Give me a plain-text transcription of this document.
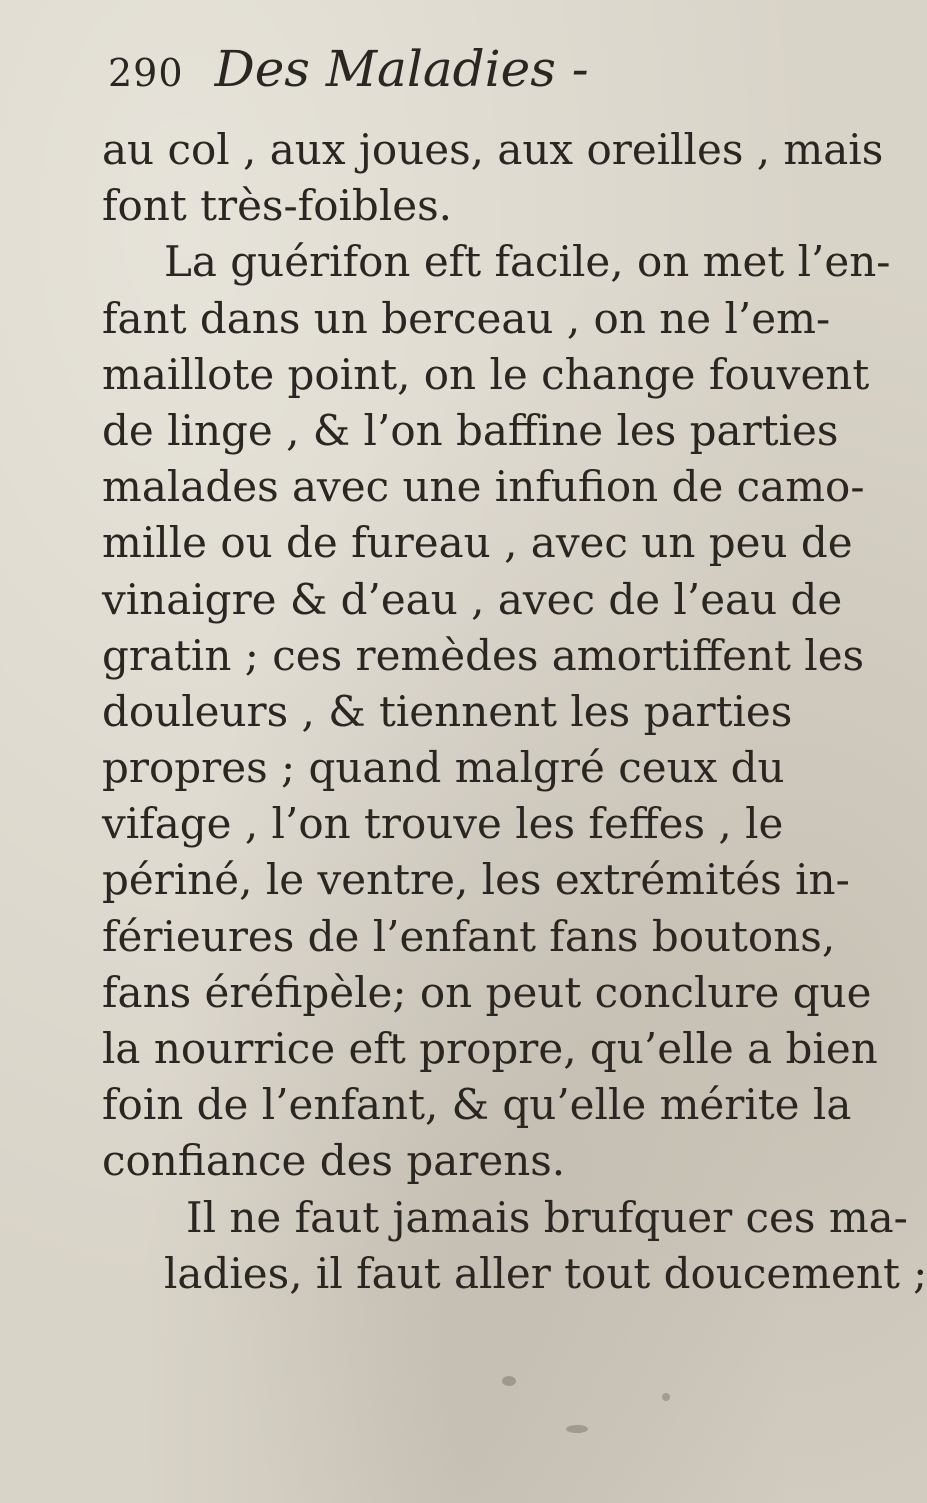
290 Des Maladies -
au col , aux joues, aux oreilles , mais
font très-foibles.
La guérifon eft facile, on met l’en-
fant dans un berceau , on ne l’em-
maillote point, on le change fouvent
de linge , & l’on baffine les parties
malades avec une infufion de camo-
mille ou de fureau , avec un peu de
vinaigre & d’eau , avec de l’eau de
gratin ; ces remèdes amortiffent les
douleurs , & tiennent les parties
propres ; quand malgré ceux du
vifage , l’on trouve les feffes , le
périné, le ventre, les extrémités in-
férieures de l’enfant fans boutons,
fans éréfipèle; on peut conclure que
la nourrice eft propre, qu’elle a bien
foin de l’enfant, & qu’elle mérite la
confiance des parens.
Il ne faut jamais brufquer ces ma-
ladies, il faut aller tout doucement ;
